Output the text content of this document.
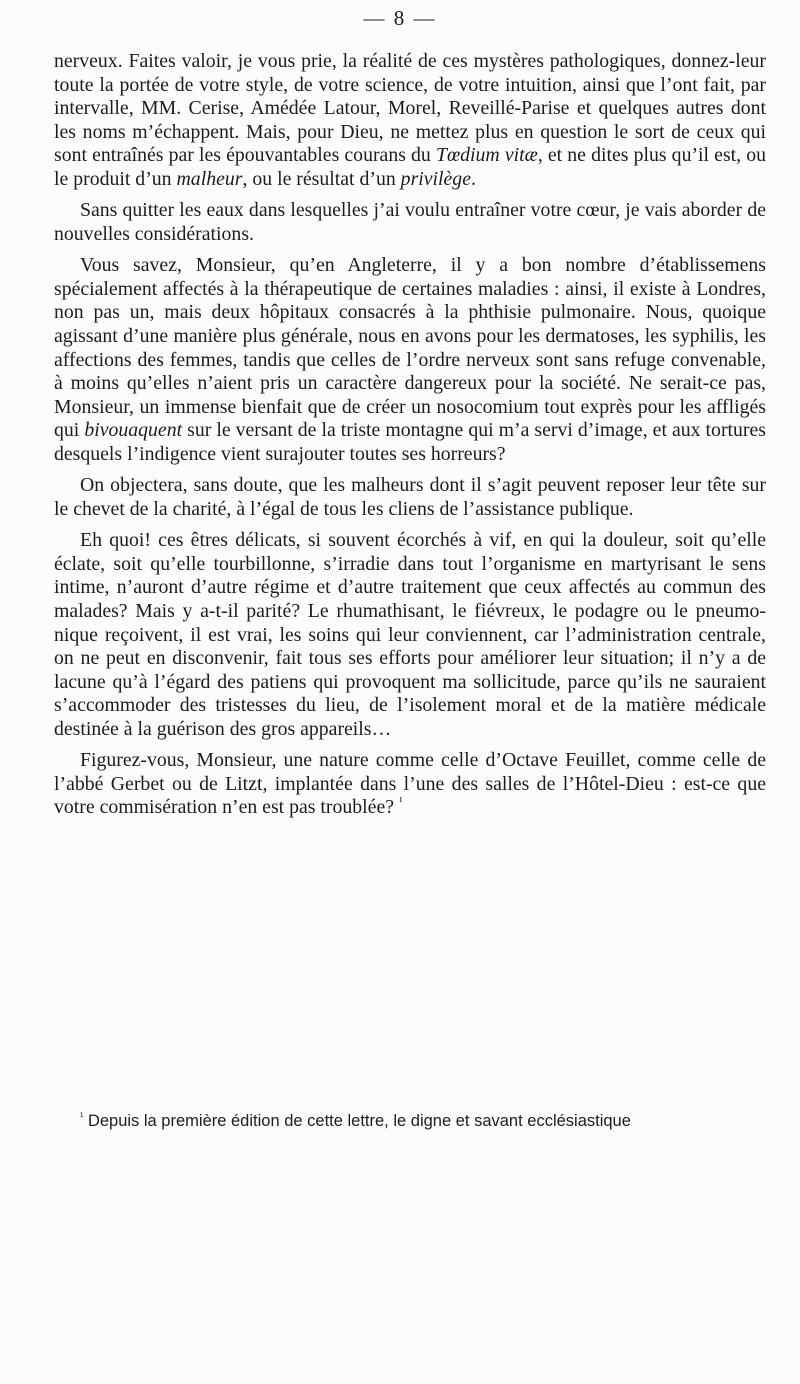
— 8 —

nerveux. Faites valoir, je vous prie, la réalité de ces mystères pathologiques, donnez-leur toute la portée de votre style, de votre science, de votre intuition, ainsi que l’ont fait, par intervalle, MM. Cerise, Amédée Latour, Morel, Reveillé-Parise et quelques autres dont les noms m’échappent. Mais, pour Dieu, ne mettez plus en question le sort de ceux qui sont entraînés par les épouvantables courans du Tœdium vitæ, et ne dites plus qu’il est, ou le produit d’un malheur, ou le résultat d’un privilège.

Sans quitter les eaux dans lesquelles j’ai voulu entraîner votre cœur, je vais aborder de nouvelles considérations.

Vous savez, Monsieur, qu’en Angleterre, il y a bon nombre d’établissemens spécialement affectés à la thérapeutique de certaines maladies : ainsi, il existe à Londres, non pas un, mais deux hôpitaux consacrés à la phthisie pulmonaire. Nous, quoique agissant d’une manière plus générale, nous en avons pour les dermatoses, les syphilis, les affections des femmes, tandis que celles de l’ordre nerveux sont sans refuge convenable, à moins qu’elles n’aient pris un caractère dangereux pour la société. Ne serait-ce pas, Monsieur, un immense bienfait que de créer un nosocomium tout exprès pour les affligés qui bivouaquent sur le versant de la triste montagne qui m’a servi d’image, et aux tortures desquels l’indigence vient surajouter toutes ses horreurs?

On objectera, sans doute, que les malheurs dont il s’agit peuvent reposer leur tête sur le chevet de la charité, à l’égal de tous les cliens de l’assistance publique.

Eh quoi! ces êtres délicats, si souvent écorchés à vif, en qui la douleur, soit qu’elle éclate, soit qu’elle tourbillonne, s’irradie dans tout l’organisme en martyrisant le sens intime, n’auront d’autre régime et d’autre traitement que ceux affectés au commun des malades? Mais y a-t-il parité? Le rhumathisant, le fiévreux, le podagre ou le pneumonique reçoivent, il est vrai, les soins qui leur conviennent, car l’administration centrale, on ne peut en disconvenir, fait tous ses efforts pour améliorer leur situation; il n’y a de lacune qu’à l’égard des patiens qui provoquent ma sollicitude, parce qu’ils ne sauraient s’accommoder des tristesses du lieu, de l’isolement moral et de la matière médicale destinée à la guérison des gros appareils…

Figurez-vous, Monsieur, une nature comme celle d’Octave Feuillet, comme celle de l’abbé Gerbet ou de Litzt, implantée dans l’une des salles de l’Hôtel-Dieu : est-ce que votre commisération n’en est pas troublée? $^{^1}$

$^{^1}$ Depuis la première édition de cette lettre, le digne et savant ecclésiastique
